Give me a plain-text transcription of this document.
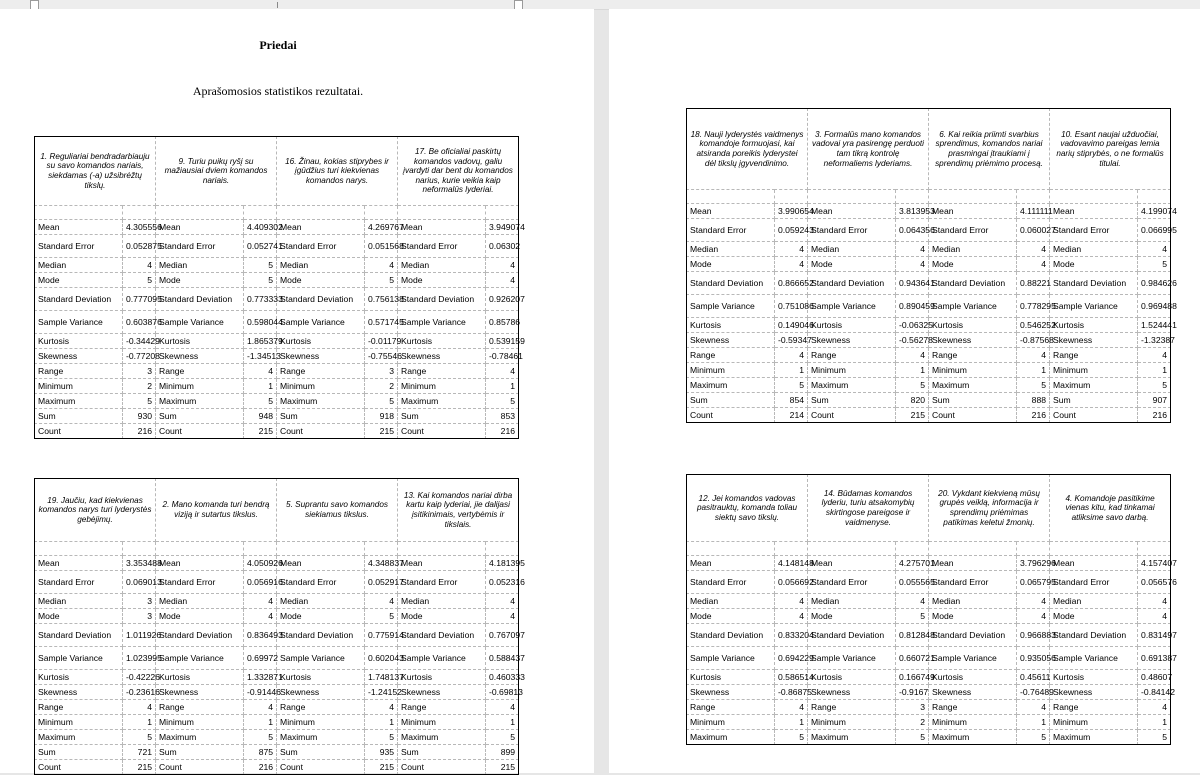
Priedai
Aprašomosios statistikos rezultatai.
1. Reguliariai bendradarbiauju su savo komandos nariais, siekdamas (-a) užsibrėžtų tikslų.		9. Turiu puikų ryšį su mažiausiai dviem komandos nariais.		16. Žinau, kokias stiprybes ir įgūdžius turi kiekvienas komandos narys.		17. Be oficialiai paskirtų komandos vadovų, galiu įvardyti dar bent du komandos narius, kurie veikia kaip neformalūs lyderiai.	

Mean	4.305556	Mean	4.409302	Mean	4.269767	Mean	3.949074
Standard Error	0.052875	Standard Error	0.052741	Standard Error	0.051568	Standard Error	0.06302
Median	4	Median	5	Median	4	Median	4
Mode	5	Mode	5	Mode	5	Mode	4
Standard Deviation	0.777095	Standard Deviation	0.773333	Standard Deviation	0.756138	Standard Deviation	0.926207
Sample Variance	0.603876	Sample Variance	0.598044	Sample Variance	0.571745	Sample Variance	0.85786
Kurtosis	-0.34429	Kurtosis	1.865379	Kurtosis	-0.01179	Kurtosis	0.539159
Skewness	-0.77208	Skewness	-1.34513	Skewness	-0.75546	Skewness	-0.78461
Range	3	Range	4	Range	3	Range	4
Minimum	2	Minimum	1	Minimum	2	Minimum	1
Maximum	5	Maximum	5	Maximum	5	Maximum	5
Sum	930	Sum	948	Sum	918	Sum	853
Count	216	Count	215	Count	215	Count	216
19. Jaučiu, kad kiekvienas komandos narys turi lyderystės gebėjimų.		2. Mano komanda turi bendrą viziją ir sutartus tikslus.		5. Suprantu savo komandos siekiamus tikslus.		13. Kai komandos nariai dirba kartu kaip lyderiai, jie dalijasi įsitikinimais, vertybėmis ir tikslais.	

Mean	3.353488	Mean	4.050926	Mean	4.348837	Mean	4.181395
Standard Error	0.069013	Standard Error	0.056916	Standard Error	0.052917	Standard Error	0.052316
Median	3	Median	4	Median	4	Median	4
Mode	3	Mode	4	Mode	5	Mode	4
Standard Deviation	1.011926	Standard Deviation	0.836493	Standard Deviation	0.775914	Standard Deviation	0.767097
Sample Variance	1.023995	Sample Variance	0.69972	Sample Variance	0.602043	Sample Variance	0.588437
Kurtosis	-0.42226	Kurtosis	1.332871	Kurtosis	1.748137	Kurtosis	0.460333
Skewness	-0.23616	Skewness	-0.91446	Skewness	-1.24152	Skewness	-0.69813
Range	4	Range	4	Range	4	Range	4
Minimum	1	Minimum	1	Minimum	1	Minimum	1
Maximum	5	Maximum	5	Maximum	5	Maximum	5
Sum	721	Sum	875	Sum	935	Sum	899
Count	215	Count	216	Count	215	Count	215
18. Nauji lyderystės vaidmenys komandoje formuojasi, kai atsiranda poreikis lyderystei dėl tikslų įgyvendinimo.		3. Formalūs mano komandos vadovai yra pasirengę perduoti tam tikrą kontrolę neformaliems lyderiams.		6. Kai reikia priimti svarbius sprendimus, komandos nariai prasmingai įtraukiami į sprendimų priėmimo procesą.		10. Esant naujai užduočiai, vadovavimo pareigas lemia narių stiprybės, o ne formalūs titulai.	

Mean	3.990654	Mean	3.813953	Mean	4.111111	Mean	4.199074
Standard Error	0.059243	Standard Error	0.064356	Standard Error	0.060027	Standard Error	0.066995
Median	4	Median	4	Median	4	Median	4
Mode	4	Mode	4	Mode	4	Mode	5
Standard Deviation	0.866652	Standard Deviation	0.943641	Standard Deviation	0.88221	Standard Deviation	0.984626
Sample Variance	0.751086	Sample Variance	0.890459	Sample Variance	0.778295	Sample Variance	0.969488
Kurtosis	0.149046	Kurtosis	-0.06325	Kurtosis	0.546252	Kurtosis	1.524441
Skewness	-0.59347	Skewness	-0.56278	Skewness	-0.87568	Skewness	-1.32387
Range	4	Range	4	Range	4	Range	4
Minimum	1	Minimum	1	Minimum	1	Minimum	1
Maximum	5	Maximum	5	Maximum	5	Maximum	5
Sum	854	Sum	820	Sum	888	Sum	907
Count	214	Count	215	Count	216	Count	216
12. Jei komandos vadovas pasitrauktų, komanda toliau siektų savo tikslų.		14. Būdamas komandos lyderiu, turiu atsakomybių skirtingose pareigose ir vaidmenyse.		20. Vykdant kiekvieną mūsų grupės veiklą, informacija ir sprendimų priėmimas patikimas keletui žmonių.		4. Komandoje pasitikime vienas kitu, kad tinkamai atliksime savo darbą.	

Mean	4.148148	Mean	4.275701	Mean	3.796296	Mean	4.157407
Standard Error	0.056692	Standard Error	0.055565	Standard Error	0.065795	Standard Error	0.056576
Median	4	Median	4	Median	4	Median	4
Mode	4	Mode	5	Mode	4	Mode	4
Standard Deviation	0.833204	Standard Deviation	0.812848	Standard Deviation	0.966883	Standard Deviation	0.831497
Sample Variance	0.694229	Sample Variance	0.660721	Sample Variance	0.935056	Sample Variance	0.691387
Kurtosis	0.586514	Kurtosis	0.166749	Kurtosis	0.45611	Kurtosis	0.48607
Skewness	-0.86875	Skewness	-0.9167	Skewness	-0.76489	Skewness	-0.84142
Range	4	Range	3	Range	4	Range	4
Minimum	1	Minimum	2	Minimum	1	Minimum	1
Maximum	5	Maximum	5	Maximum	5	Maximum	5
